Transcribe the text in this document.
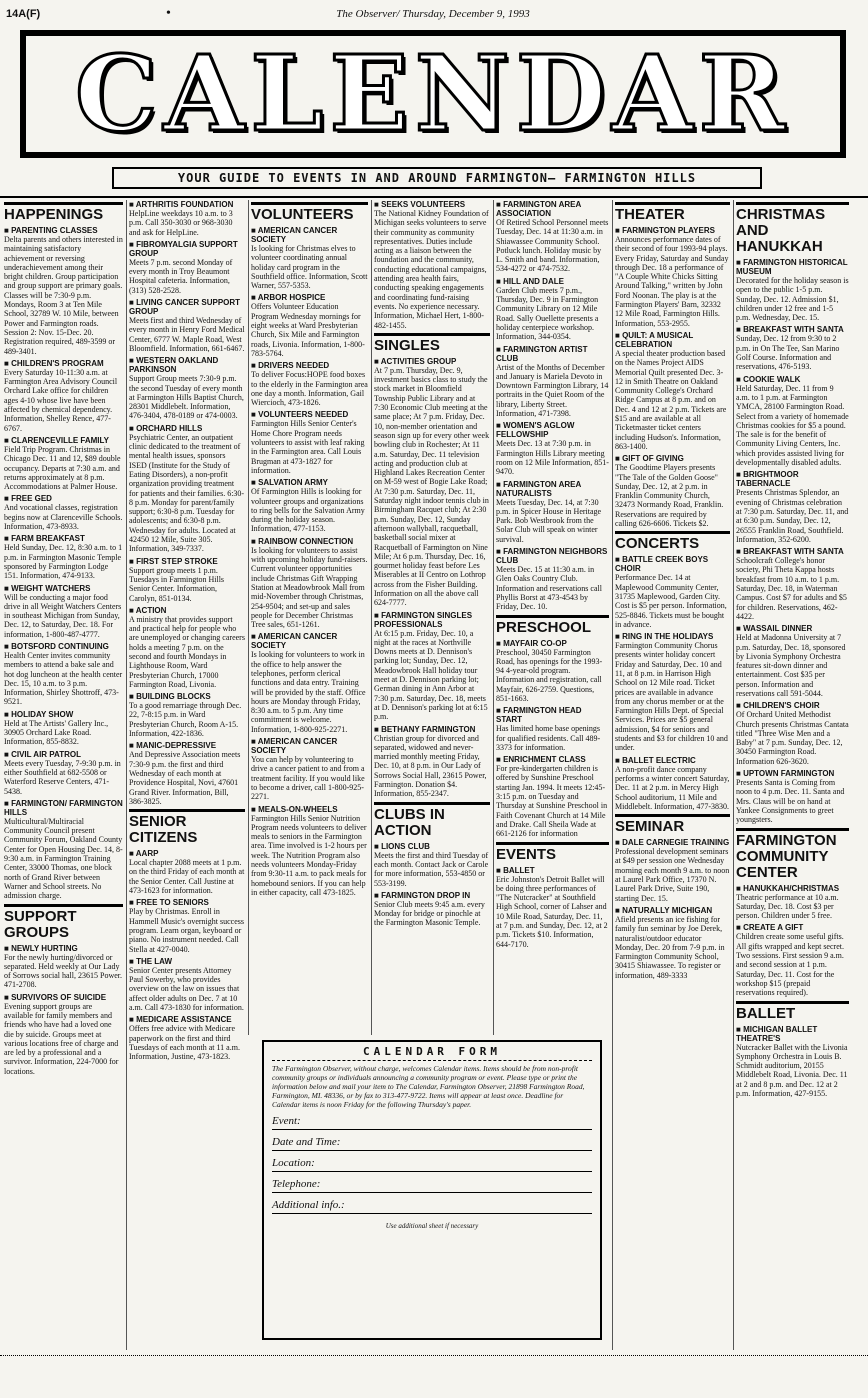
14A(F)	•	The Observer/ Thursday, December 9, 1993
CALENDAR
YOUR GUIDE TO EVENTS IN AND AROUND FARMINGTON— FARMINGTON HILLS
HAPPENINGS
■ PARENTING CLASSES
Delta parents and others interested in maintaining satisfactory achievement or reversing underachievement among their bright children. Group participation and group support are primary goals. Classes will be 7:30-9 p.m. Mondays, Room 3 at Ten Mile School, 32789 W. 10 Mile, between Power and Farmington roads. Session 2: Nov. 15-Dec. 20. Registration required, 489-3599 or 489-3401.
■ CHILDREN'S PROGRAM
Every Saturday 10-11:30 a.m. at Farmington Area Advisory Council Orchard Lake office for children ages 4-10 whose live have been affected by chemical dependency. Information, Shelley Rence, 477-6767.
■ CLARENCEVILLE FAMILY
Field Trip Program. Christmas in Chicago Dec. 11 and 12, $89 double occupancy. Departs at 7:30 a.m. and returns approximately at 8 p.m. Accommodations at Palmer House.
■ FREE GED
And vocational classes, registration begins now at Clarenceville Schools. Information, 473-8933.
■ FARM BREAKFAST
Held Sunday, Dec. 12, 8:30 a.m. to 1 p.m. in Farmington Masonic Temple sponsored by Farmington Lodge 151. Information, 474-9133.
■ WEIGHT WATCHERS
Will be conducting a major food drive in all Weight Watchers Centers in southeast Michigan from Sunday, Dec. 12, to Saturday, Dec. 18. For information, 1-800-487-4777.
■ BOTSFORD CONTINUING
Health Center invites community members to attend a bake sale and hot dog luncheon at the health center Dec. 15, 10 a.m. to 3 p.m. Information, Shirley Shottroff, 473-9521.
■ HOLIDAY SHOW
Held at The Artists' Gallery Inc., 30905 Orchard Lake Road. Information, 855-8832.
■ CIVIL AIR PATROL
Meets every Tuesday, 7-9:30 p.m. in either Southfield at 682-5508 or Waterford Reserve Centers, 471-5438.
■ FARMINGTON/ FARMINGTON HILLS
Multicultural/Multiracial Community Council present Community Forum, Oakland County Center for Open Housing Dec. 14, 8-9:30 a.m. in Farmington Training Center, 33000 Thomas, one block north of Grand River between Warner and School streets. No admission charge.
SUPPORT GROUPS
■ NEWLY HURTING
For the newly hurting/divorced or separated. Held weekly at Our Lady of Sorrows social hall, 23615 Power. 471-2708.
■ SURVIVORS OF SUICIDE
Evening support groups are available for family members and friends who have had a loved one die by suicide. Groups meet at various locations free of charge and are led by a professional and a survivor. Information, 224-7000 for locations.
■ ARTHRITIS FOUNDATION
HelpLine weekdays 10 a.m. to 3 p.m. Call 350-3030 or 968-3030 and ask for HelpLine.
■ FIBROMYALGIA SUPPORT GROUP
Meets 7 p.m. second Monday of every month in Troy Beaumont Hospital cafeteria. Information, (313) 528-2528.
■ LIVING CANCER SUPPORT GROUP
Meets first and third Wednesday of every month in Henry Ford Medical Center, 6777 W. Maple Road, West Bloomfield. Information, 661-6467.
■ WESTERN OAKLAND PARKINSON
Support Group meets 7:30-9 p.m. the second Tuesday of every month at Farmington Hills Baptist Church, 28301 Middlebelt. Information, 476-3404, 478-0189 or 474-0003.
■ ORCHARD HILLS
Psychiatric Center, an outpatient clinic dedicated to the treatment of mental health issues, sponsors ISED (Institute for the Study of Eating Disorders), a non-profit organization providing treatment for patients and their families. 6:30-8 p.m. Monday for parent/family support; 6:30-8 p.m. Tuesday for adolescents; and 6:30-8 p.m. Wednesday for adults. Located at 42450 12 Mile, Suite 305. Information, 349-7337.
■ FIRST STEP STROKE
Support group meets 1 p.m. Tuesdays in Farmington Hills Senior Center. Information, Carolyn, 851-0134.
■ ACTION
A ministry that provides support and practical help for people who are unemployed or changing careers holds a meeting 7 p.m. on the second and fourth Mondays in Lighthouse Room, Ward Presbyterian Church, 17000 Farmington Road, Livonia.
■ BUILDING BLOCKS
To a good remarriage through Dec. 22, 7-8:15 p.m. in Ward Presbyterian Church, Room A-15. Information, 422-1836.
■ MANIC-DEPRESSIVE
And Depressive Association meets 7:30-9 p.m. the first and third Wednesday of each month at Providence Hospital, Novi, 47601 Grand River. Information, Bill, 386-3825.
SENIOR CITIZENS
■ AARP
Local chapter 2088 meets at 1 p.m. on the third Friday of each month at the Senior Center. Call Justine at 473-1623 for information.
■ FREE TO SENIORS
Play by Christmas. Enroll in Hammell Music's overnight success program. Learn organ, keyboard or piano. No instrument needed. Call Stella at 427-0040.
■ THE LAW
Senior Center presents Attorney Paul Sowerby, who provides overview on the law on issues that affect older adults on Dec. 7 at 10 a.m. Call 473-1830 for information.
■ MEDICARE ASSISTANCE
Offers free advice with Medicare paperwork on the first and third Tuesdays of each month at 11 a.m. Information, Justine, 473-1823.
VOLUNTEERS
■ AMERICAN CANCER SOCIETY
Is looking for Christmas elves to volunteer coordinating annual holiday card program in the Southfield office. Information, Scott Warner, 557-5353.
■ ARBOR HOSPICE
Offers Volunteer Education Program Wednesday mornings for eight weeks at Ward Presbyterian Church, Six Mile and Farmington roads, Livonia. Information, 1-800-783-5764.
■ DRIVERS NEEDED
To deliver Focus:HOPE food boxes to the elderly in the Farmington area one day a month. Information, Gail Wiercioch, 473-1826.
■ VOLUNTEERS NEEDED
Farmington Hills Senior Center's Home Chore Program needs volunteers to assist with leaf raking in the Farmington area. Call Louis Brugman at 473-1827 for information.
■ SALVATION ARMY
Of Farmington Hills is looking for volunteer groups and organizations to ring bells for the Salvation Army during the holiday season. Information, 477-1153.
■ RAINBOW CONNECTION
Is looking for volunteers to assist with upcoming holiday fund-raisers. Current volunteer opportunities include Christmas Gift Wrapping Station at Meadowbrook Mall from mid-November through Christmas, 254-9504; and set-up and sales people for December Christmas Tree sales, 651-1261.
■ AMERICAN CANCER SOCIETY
Is looking for volunteers to work in the office to help answer the telephones, perform clerical functions and data entry. Training will be provided by the staff. Office hours are Monday through Friday, 8:30 a.m. to 5 p.m. Any time commitment is welcome. Information, 1-800-925-2271.
■ AMERICAN CANCER SOCIETY
You can help by volunteering to drive a cancer patient to and from a treatment facility. If you would like to become a driver, call 1-800-925-2271.
■ MEALS-ON-WHEELS
Farmington Hills Senior Nutrition Program needs volunteers to deliver meals to seniors in the Farmington area. Time involved is 1-2 hours per week. The Nutrition Program also needs volunteers Monday-Friday from 9:30-11 a.m. to pack meals for homebound seniors. If you can help in either capacity, call 473-1825.
■ SEEKS VOLUNTEERS
The National Kidney Foundation of Michigan seeks volunteers to serve their community as community representatives. Duties include acting as a liaison between the foundation and the community, conducting educational campaigns, attending area health fairs, conducting speaking engagements and coordinating fund-raising events. No experience necessary. Information, Michael Hert, 1-800-482-1455.
SINGLES
■ ACTIVITIES GROUP
At 7 p.m. Thursday, Dec. 9, investment basics class to study the stock market in Bloomfield Township Public Library and at 7:30 Economic Club meeting at the same place; At 7 p.m. Friday, Dec. 10, non-member orientation and season sign up for every other week bowling club in Rochester; At 11 a.m. Saturday, Dec. 11 television acting and production club at Highland Lakes Recreation Center on M-59 west of Bogie Lake Road; At 7:30 p.m. Saturday, Dec. 11, Saturday night indoor tennis club in Birmingham Racquet club; At 2:30 p.m. Sunday, Dec. 12, Sunday afternoon wallyball, racquetball, basketball social mixer at Racquetball of Farmington on Nine Mile; At 6 p.m. Thursday, Dec. 16, gourmet holiday feast before Les Miserables at II Centro on Lothrop across from the Fisher Building. Information on all the above call 624-7777.
■ FARMINGTON SINGLES PROFESSIONALS
At 6:15 p.m. Friday, Dec. 10, a night at the races at Northville Downs meets at D. Dennison's parking lot; Sunday, Dec. 12, Meadowbrook Hall holiday tour meet at D. Dennison parking lot; German dining in Ann Arbor at 7:30 p.m. Saturday, Dec. 18, meets at D. Dennison's parking lot at 6:15 p.m.
■ BETHANY FARMINGTON
Christian group for divorced and separated, widowed and never-married monthly meeting Friday, Dec. 10, at 8 p.m. in Our Lady of Sorrows Social Hall, 23615 Power, Farmington. Donation $4. Information, 855-2347.
CLUBS IN ACTION
■ LIONS CLUB
Meets the first and third Tuesday of each month. Contact Jack or Carole for more information, 553-4850 or 553-3199.
■ FARMINGTON DROP IN
Senior Club meets 9:45 a.m. every Monday for bridge or pinochle at the Farmington Masonic Temple.
■ FARMINGTON AREA ASSOCIATION
Of Retired School Personnel meets Tuesday, Dec. 14 at 11:30 a.m. in Shiawassee Community School. Potluck lunch. Holiday music by L. Smith and band. Information, 534-4272 or 474-7532.
■ HILL AND DALE
Garden Club meets 7 p.m., Thursday, Dec. 9 in Farmington Community Library on 12 Mile Road. Sally Ouellette presents a holiday centerpiece workshop. Information, 344-0354.
■ FARMINGTON ARTIST CLUB
Artist of the Months of December and January is Mariela Devoto in Downtown Farmington Library, 14 portraits in the Quiet Room of the library, Liberty Street. Information, 471-7398.
■ WOMEN'S AGLOW FELLOWSHIP
Meets Dec. 13 at 7:30 p.m. in Farmington Hills Library meeting room on 12 Mile Information, 851-9470.
■ FARMINGTON AREA NATURALISTS
Meets Tuesday, Dec. 14, at 7:30 p.m. in Spicer House in Heritage Park. Bob Westbrook from the Solar Club will speak on winter survival.
■ FARMINGTON NEIGHBORS CLUB
Meets Dec. 15 at 11:30 a.m. in Glen Oaks Country Club. Information and reservations call Phyllis Borst at 473-4543 by Friday, Dec. 10.
PRESCHOOL
■ MAYFAIR CO-OP
Preschool, 30450 Farmington Road, has openings for the 1993-94 4-year-old program. Information and registration, call Mayfair, 626-2759. Questions, 851-1663.
■ FARMINGTON HEAD START
Has limited home base openings for qualified residents. Call 489-3373 for information.
■ ENRICHMENT CLASS
For pre-kindergarten children is offered by Sunshine Preschool starting Jan. 1994. It meets 12:45-3:15 p.m. on Tuesday and Thursday at Sunshine Preschool in Faith Covenant Church at 14 Mile and Drake. Call Sheila Wade at 661-2126 for information
EVENTS
■ BALLET
Eric Johnston's Detroit Ballet will be doing three performances of "The Nutcracker" at Southfield High School, corner of Lahser and 10 Mile Road, Saturday, Dec. 11, at 7 p.m. and Sunday, Dec. 12, at 2 p.m. Tickets $10. Information, 644-7170.
THEATER
■ FARMINGTON PLAYERS
Announces performance dates of their second of four 1993-94 plays. Every Friday, Saturday and Sunday through Dec. 18 a performance of "A Couple White Chicks Sitting Around Talking," written by John Ford Noonan. The play is at the Farmington Players' Barn, 32332 12 Mile Road, Farmington Hills. Information, 553-2955.
■ QUILT: A MUSICAL CELEBRATION
A special theater production based on the Names Project AIDS Memorial Quilt presented Dec. 3-12 in Smith Theatre on Oakland Community College's Orchard Ridge Campus at 8 p.m. and on Dec. 4 and 12 at 2 p.m. Tickets are $15 and are available at all Ticketmaster ticket centers including Hudson's. Information, 863-1400.
■ GIFT OF GIVING
The Goodtime Players presents "The Tale of the Golden Goose" Sunday, Dec. 12, at 2 p.m. in Franklin Community Church, 32473 Normandy Road, Franklin. Reservations are required by calling 626-6606. Tickets $2.
CONCERTS
■ BATTLE CREEK BOYS CHOIR
Performance Dec. 14 at Maplewood Community Center, 31735 Maplewood, Garden City. Cost is $5 per person. Information, 525-8846. Tickets must be bought in advance.
■ RING IN THE HOLIDAYS
Farmington Community Chorus presents winter holiday concert Friday and Saturday, Dec. 10 and 11, at 8 p.m. in Harrison High School on 12 Mile road. Ticket prices are available in advance from any chorus member or at the Farmington Hills Dept. of Special Services. Prices are $5 general admission, $4 for seniors and students and $3 for children 10 and under.
■ BALLET ELECTRIC
A non-profit dance company performs a winter concert Saturday, Dec. 11 at 2 p.m. in Mercy High School auditorium, 11 Mile and Middlebelt. Information, 477-3830.
SEMINAR
■ DALE CARNEGIE TRAINING
Professional development seminars at $49 per session one Wednesday morning each month 9 a.m. to noon at Laurel Park Office, 17370 N. Laurel Park Drive, Suite 190, starting Dec. 15.
■ NATURALLY MICHIGAN
Afield presents an ice fishing for family fun seminar by Joe Derek, naturalist/outdoor educator Monday, Dec. 20 from 7-9 p.m. in Farmington Community School, 30415 Shiawassee. To register or information, 489-3333
CHRISTMAS AND HANUKKAH
■ FARMINGTON HISTORICAL MUSEUM
Decorated for the holiday season is open to the public 1-5 p.m. Sunday, Dec. 12. Admission $1, children under 12 free and 1-5 p.m. Wednesday, Dec. 15.
■ BREAKFAST WITH SANTA
Sunday, Dec. 12 from 9:30 to 2 p.m. in On The Tee, San Marino Golf Course. Information and reservations, 476-5193.
■ COOKIE WALK
Held Saturday, Dec. 11 from 9 a.m. to 1 p.m. at Farmington YMCA, 28100 Farmington Road. Select from a variety of homemade Christmas cookies for $5 a pound. The sale is for the benefit of Community Living Centers, Inc. which provides assisted living for developmentally disabled adults.
■ BRIGHTMOOR TABERNACLE
Presents Christmas Splendor, an evening of Christmas celebration at 7:30 p.m. Saturday, Dec. 11, and at 6:30 p.m. Sunday, Dec. 12, 26555 Franklin Road, Southfield. Information, 352-6200.
■ BREAKFAST WITH SANTA
Schoolcraft College's honor society, Phi Theta Kappa hosts breakfast from 10 a.m. to 1 p.m. Saturday, Dec. 18, in Waterman Campus. Cost $7 for adults and $5 for children. Reservations, 462-4422.
■ WASSAIL DINNER
Held at Madonna University at 7 p.m. Saturday, Dec. 18, sponsored by Livonia Symphony Orchestra features sit-down dinner and entertainment. Cost $35 per person. Information and reservations call 591-5044.
■ CHILDREN'S CHOIR
Of Orchard United Methodist Church presents Christmas Cantata titled "Three Wise Men and a Baby" at 7 p.m. Sunday, Dec. 12, 30450 Farmington Road. Information 626-3620.
■ UPTOWN FARMINGTON
Presents Santa is Coming from noon to 4 p.m. Dec. 11. Santa and Mrs. Claus will be on hand at Yankee Consignments to greet youngsters.
FARMINGTON COMMUNITY CENTER
■ HANUKKAH/CHRISTMAS
Theatric performance at 10 a.m. Saturday, Dec. 18. Cost $3 per person. Children under 5 free.
■ CREATE A GIFT
Children create some useful gifts. All gifts wrapped and kept secret. Two sessions. First session 9 a.m. and second session at 1 p.m. Saturday, Dec. 11. Cost for the workshop $15 (prepaid reservations required).
BALLET
■ MICHIGAN BALLET THEATRE'S
Nutcracker Ballet with the Livonia Symphony Orchestra in Louis B. Schmidt auditorium, 20155 Middlebelt Road, Livonia. Dec. 11 at 2 and 8 p.m. and Dec. 12 at 2 p.m. Information, 427-9155.
CALENDAR FORM
The Farmington Observer, without charge, welcomes Calendar items. Items should be from non-profit community groups or individuals announcing a community program or event. Please type or print the information below and mail your item to The Calendar, Farmington Observer, 21898 Farmington Road, Farmington, MI. 48336, or by fax to 313-477-9722. Items will appear at least once. Deadline for Calendar items is noon Friday for the following Thursday's paper.
Event:
Date and Time:
Location:
Telephone:
Additional info.:
Use additional sheet if necessary
